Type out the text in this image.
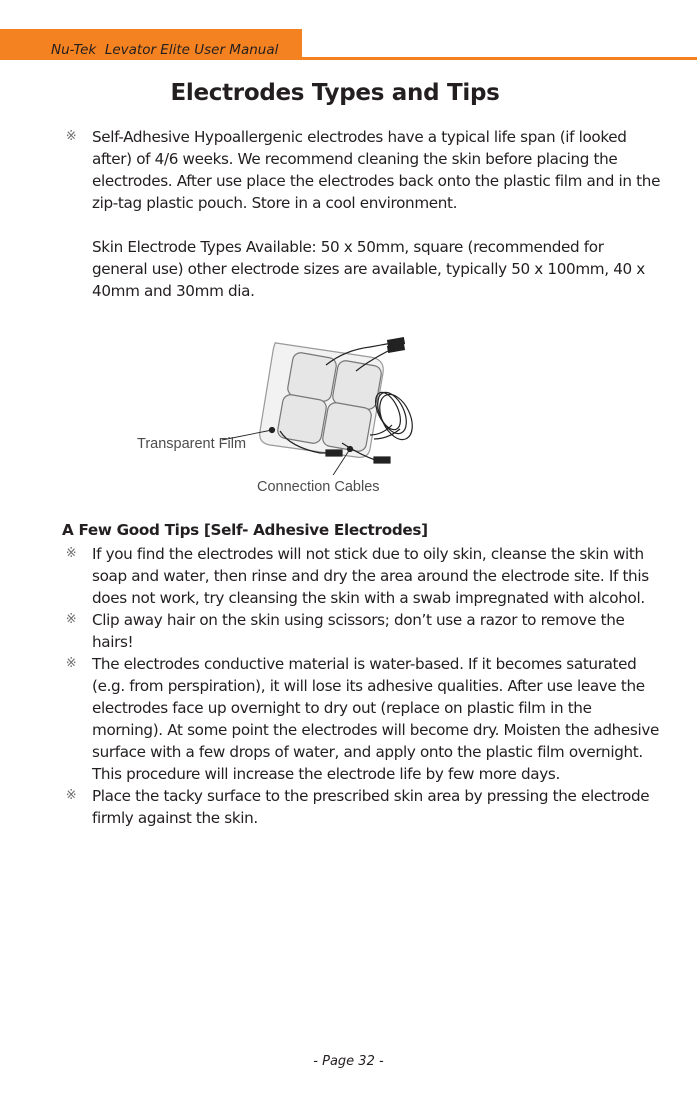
Nu-Tek  Levator Elite User Manual
Electrodes Types and Tips
※ Self-Adhesive Hypoallergenic electrodes have a typical life span (if looked after) of 4/6 weeks. We recommend cleaning the skin before placing the electrodes. After use place the electrodes back onto the plastic film and in the zip-tag plastic pouch. Store in a cool environment.
Skin Electrode Types Available: 50 x 50mm, square (recommended for general use) other electrode sizes are available, typically 50 x 100mm, 40 x 40mm and 30mm dia.
Transparent Film
Connection Cables
A Few Good Tips [Self- Adhesive Electrodes]
※ If you find the electrodes will not stick due to oily skin, cleanse the skin with soap and water, then rinse and dry the area around the electrode site. If this does not work, try cleansing the skin with a swab impregnated with alcohol.
※ Clip away hair on the skin using scissors; don’t use a razor to remove the hairs!
※ The electrodes conductive material is water-based. If it becomes saturated (e.g. from perspiration), it will lose its adhesive qualities. After use leave the electrodes face up overnight to dry out (replace on plastic film in the morning). At some point the electrodes will become dry. Moisten the adhesive surface with a few drops of water, and apply onto the plastic film overnight. This procedure will increase the electrode life by few more days.
※ Place the tacky surface to the prescribed skin area by pressing the electrode firmly against the skin.
- Page 32 -
